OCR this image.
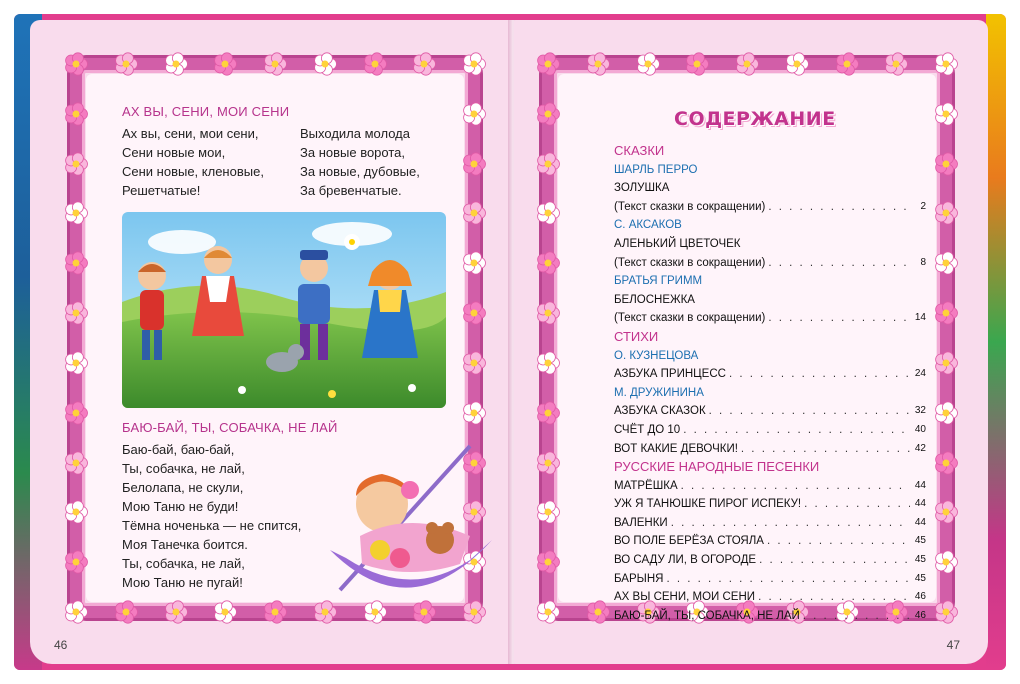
АХ ВЫ, СЕНИ, МОИ СЕНИ
Ах вы, сени, мои сени,
Сени новые мои,
Сени новые, кленовые,
Решетчатые!
Выходила молода
За новые ворота,
За новые, дубовые,
За бревенчатые.
БАЮ-БАЙ, ТЫ, СОБАЧКА, НЕ ЛАЙ
Баю-бай, баю-бай,
Ты, собачка, не лай,
Белолапа, не скули,
Мою Таню не буди!
Тёмна ноченька — не спится,
Моя Танечка боится.
Ты, собачка, не лай,
Мою Таню не пугай!
46
СОДЕРЖАНИЕ
СКАЗКИ
ШАРЛЬ ПЕРРО
ЗОЛУШКА
(Текст сказки в сокращении) . . .	2
С. АКСАКОВ
АЛЕНЬКИЙ ЦВЕТОЧЕК
(Текст сказки в сокращении) . . .	8
БРАТЬЯ ГРИММ
БЕЛОСНЕЖКА
(Текст сказки в сокращении) . . .	14
СТИХИ
О. КУЗНЕЦОВА
АЗБУКА ПРИНЦЕСС . . .	24
М. ДРУЖИНИНА
АЗБУКА СКАЗОК . . .	32
СЧЁТ ДО 10 . . .	40
ВОТ КАКИЕ ДЕВОЧКИ! . . .	42
РУССКИЕ НАРОДНЫЕ ПЕСЕНКИ
МАТРЁШКА . . .	44
УЖ Я ТАНЮШКЕ ПИРОГ ИСПЕКУ! . . .	44
ВАЛЕНКИ . . .	44
ВО ПОЛЕ БЕРЁЗА СТОЯЛА . . .	45
ВО САДУ ЛИ, В ОГОРОДЕ . . .	45
БАРЫНЯ . . .	45
АХ ВЫ СЕНИ, МОИ СЕНИ . . .	46
БАЮ-БАЙ, ТЫ, СОБАЧКА, НЕ ЛАЙ . . .	46
47
